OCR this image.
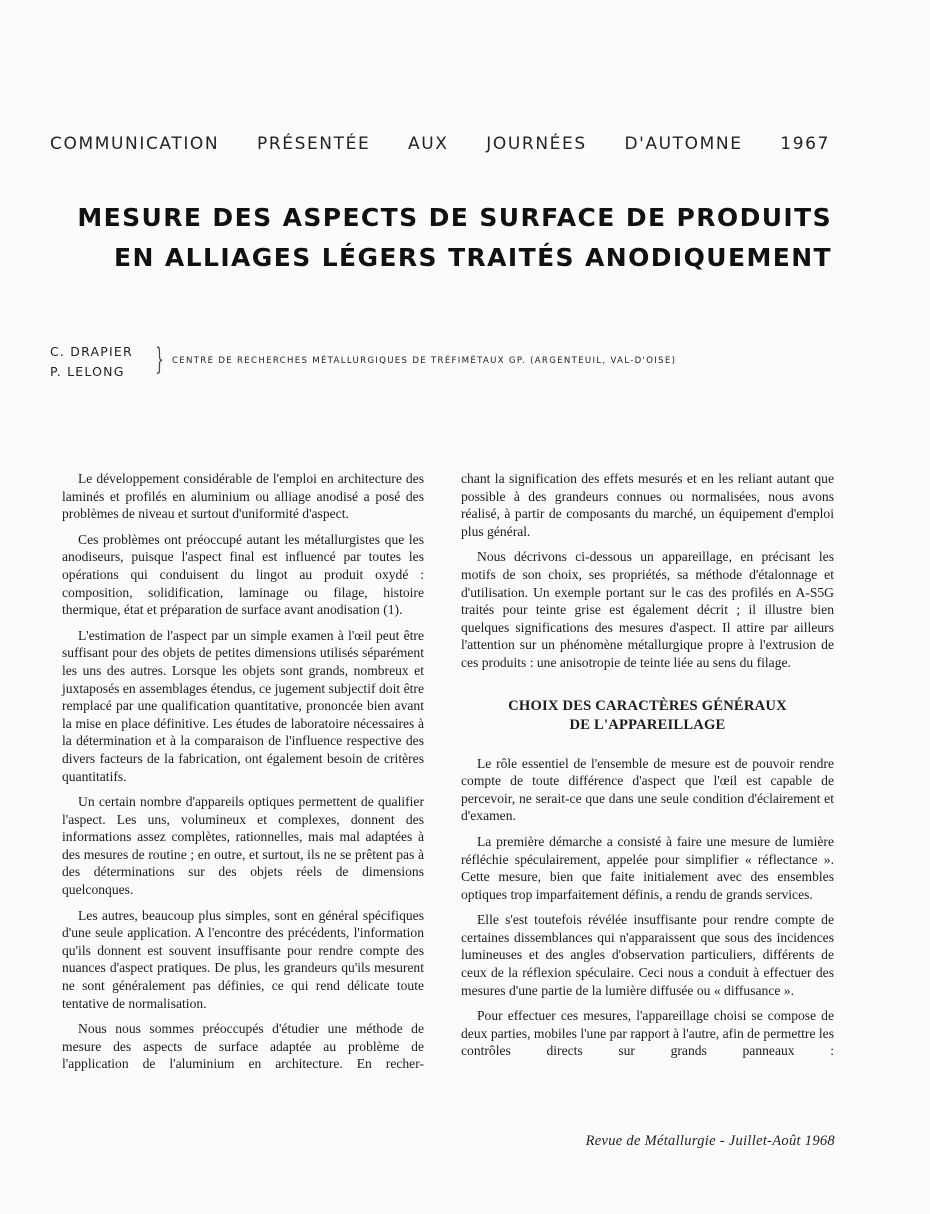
COMMUNICATION PRÉSENTÉE AUX JOURNÉES D'AUTOMNE 1967
MESURE DES ASPECTS DE SURFACE DE PRODUITS
EN ALLIAGES LÉGERS TRAITÉS ANODIQUEMENT
C. DRAPIER
P. LELONG	} CENTRE DE RECHERCHES MÉTALLURGIQUES DE TRÉFIMÉTAUX GP. (ARGENTEUIL, VAL-D'OISE)

Le développement considérable de l'emploi en architecture des laminés et profilés en aluminium ou alliage anodisé a posé des problèmes de niveau et surtout d'uniformité d'aspect.

Ces problèmes ont préoccupé autant les métallurgistes que les anodiseurs, puisque l'aspect final est influencé par toutes les opérations qui conduisent du lingot au produit oxydé : composition, solidification, laminage ou filage, histoire thermique, état et préparation de surface avant anodisation (1).

L'estimation de l'aspect par un simple examen à l'œil peut être suffisant pour des objets de petites dimensions utilisés séparément les uns des autres. Lorsque les objets sont grands, nombreux et juxtaposés en assemblages étendus, ce jugement subjectif doit être remplacé par une qualification quantitative, prononcée bien avant la mise en place définitive. Les études de laboratoire nécessaires à la détermination et à la comparaison de l'influence respective des divers facteurs de la fabrication, ont également besoin de critères quantitatifs.

Un certain nombre d'appareils optiques permettent de qualifier l'aspect. Les uns, volumineux et complexes, donnent des informations assez complètes, rationnelles, mais mal adaptées à des mesures de routine ; en outre, et surtout, ils ne se prêtent pas à des déterminations sur des objets réels de dimensions quelconques.

Les autres, beaucoup plus simples, sont en général spécifiques d'une seule application. A l'encontre des précédents, l'information qu'ils donnent est souvent insuffisante pour rendre compte des nuances d'aspect pratiques. De plus, les grandeurs qu'ils mesurent ne sont généralement pas définies, ce qui rend délicate toute tentative de normalisation.

Nous nous sommes préoccupés d'étudier une méthode de mesure des aspects de surface adaptée au problème de l'application de l'aluminium en architecture. En recher-

chant la signification des effets mesurés et en les reliant autant que possible à des grandeurs connues ou normalisées, nous avons réalisé, à partir de composants du marché, un équipement d'emploi plus général.

Nous décrivons ci-dessous un appareillage, en précisant les motifs de son choix, ses propriétés, sa méthode d'étalonnage et d'utilisation. Un exemple portant sur le cas des profilés en A-S5G traités pour teinte grise est également décrit ; il illustre bien quelques significations des mesures d'aspect. Il attire par ailleurs l'attention sur un phénomène métallurgique propre à l'extrusion de ces produits : une anisotropie de teinte liée au sens du filage.

CHOIX DES CARACTÈRES GÉNÉRAUX
DE L'APPAREILLAGE

Le rôle essentiel de l'ensemble de mesure est de pouvoir rendre compte de toute différence d'aspect que l'œil est capable de percevoir, ne serait-ce que dans une seule condition d'éclairement et d'examen.

La première démarche a consisté à faire une mesure de lumière réfléchie spéculairement, appelée pour simplifier « réflectance ». Cette mesure, bien que faite initialement avec des ensembles optiques trop imparfaitement définis, a rendu de grands services.

Elle s'est toutefois révélée insuffisante pour rendre compte de certaines dissemblances qui n'apparaissent que sous des incidences lumineuses et des angles d'observation particuliers, différents de ceux de la réflexion spéculaire. Ceci nous a conduit à effectuer des mesures d'une partie de la lumière diffusée ou « diffusance ».

Pour effectuer ces mesures, l'appareillage choisi se compose de deux parties, mobiles l'une par rapport à l'autre, afin de permettre les contrôles directs sur grands panneaux :

Revue de Métallurgie - Juillet-Août 1968
